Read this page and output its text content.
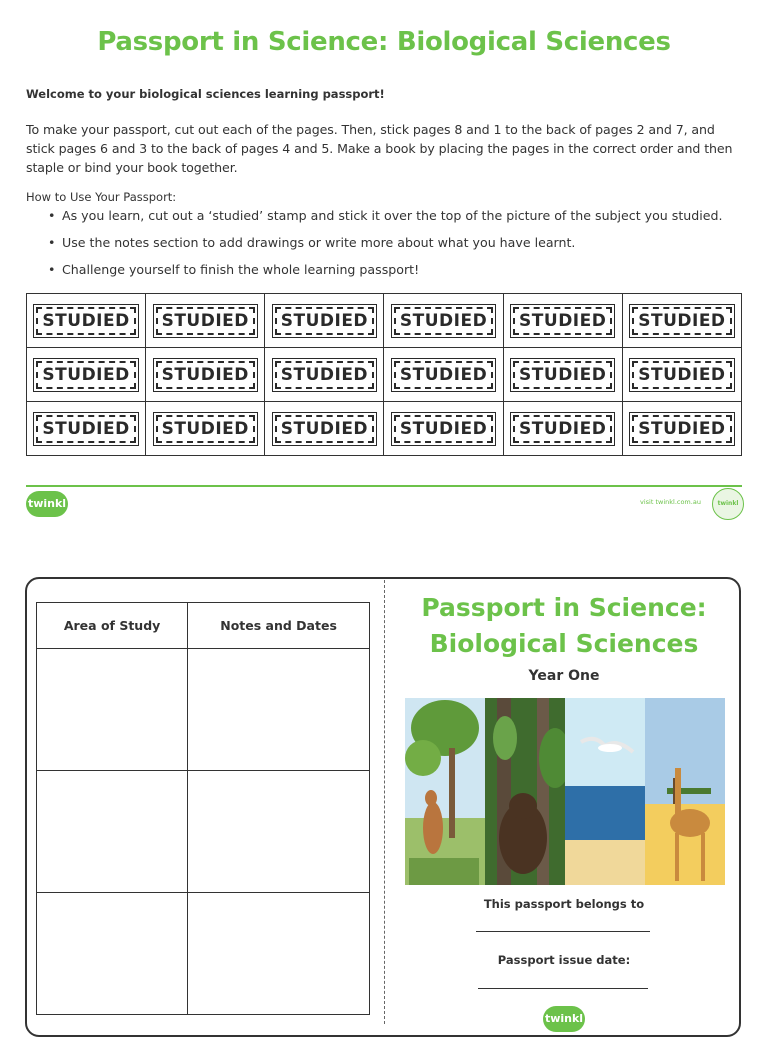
Passport in Science: Biological Sciences
Welcome to your biological sciences learning passport!
To make your passport, cut out each of the pages. Then, stick pages 8 and 1 to the back of pages 2 and 7, and stick pages 6 and 3 to the back of pages 4 and 5. Make a book by placing the pages in the correct order and then staple or bind your book together.
How to Use Your Passport:
• As you learn, cut out a ‘studied’ stamp and stick it over the top of the picture of the subject you studied.
• Use the notes section to add drawings or write more about what you have learnt.
• Challenge yourself to finish the whole learning passport!
STUDIED	STUDIED	STUDIED	STUDIED	STUDIED	STUDIED
STUDIED	STUDIED	STUDIED	STUDIED	STUDIED	STUDIED
STUDIED	STUDIED	STUDIED	STUDIED	STUDIED	STUDIED
twinkl	visit twinkl.com.au	twinkl
Area of Study	Notes and Dates

Passport in Science:
Biological Sciences
Year One
This passport belongs to
Passport issue date:
twinkl
